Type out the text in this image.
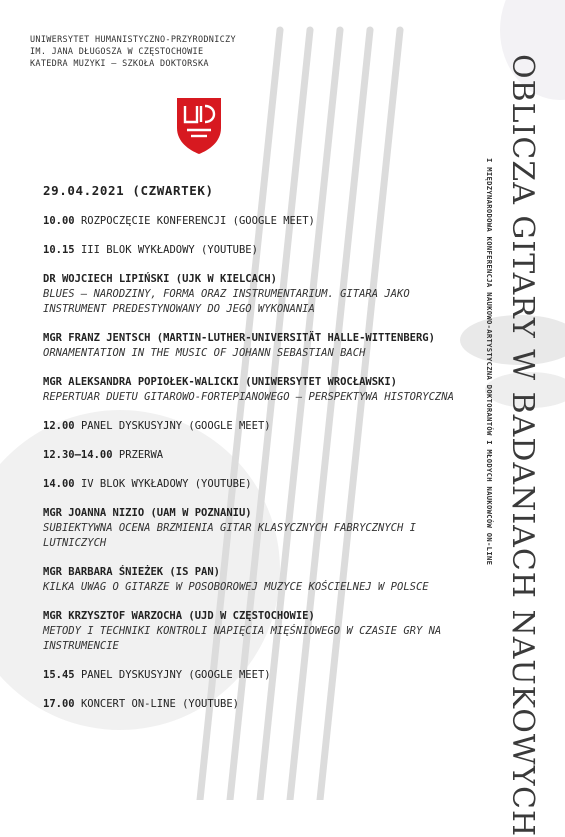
UNIWERSYTET HUMANISTYCZNO-PRZYRODNICZY
IM. JANA DŁUGOSZA W CZĘSTOCHOWIE
KATEDRA MUZYKI – SZKOŁA DOKTORSKA
29.04.2021 (CZWARTEK)
10.00 ROZPOCZĘCIE KONFERENCJI (GOOGLE MEET)
10.15 III BLOK WYKŁADOWY (YOUTUBE)
DR WOJCIECH LIPIŃSKI (UJK W KIELCACH)
BLUES – NARODZINY, FORMA ORAZ INSTRUMENTARIUM. GITARA JAKO INSTRUMENT PREDESTYNOWANY DO JEGO WYKONANIA
MGR FRANZ JENTSCH (MARTIN-LUTHER-UNIVERSITÄT HALLE-WITTENBERG)
ORNAMENTATION IN THE MUSIC OF JOHANN SEBASTIAN BACH
MGR ALEKSANDRA POPIOŁEK-WALICKI (UNIWERSYTET WROCŁAWSKI)
REPERTUAR DUETU GITAROWO-FORTEPIANOWEGO – PERSPEKTYWA HISTORYCZNA
12.00 PANEL DYSKUSYJNY (GOOGLE MEET)
12.30–14.00 PRZERWA
14.00 IV BLOK WYKŁADOWY (YOUTUBE)
MGR JOANNA NIZIO (UAM W POZNANIU)
SUBIEKTYWNA OCENA BRZMIENIA GITAR KLASYCZNYCH FABRYCZNYCH I LUTNICZYCH
MGR BARBARA ŚNIEŻEK (IS PAN)
KILKA UWAG O GITARZE W POSOBOROWEJ MUZYCE KOŚCIELNEJ W POLSCE
MGR KRZYSZTOF WARZOCHA (UJD W CZĘSTOCHOWIE)
METODY I TECHNIKI KONTROLI NAPIĘCIA MIĘŚNIOWEGO W CZASIE GRY NA INSTRUMENCIE
15.45 PANEL DYSKUSYJNY (GOOGLE MEET)
17.00 KONCERT ON-LINE (YOUTUBE)	OBLICZA GITARY W BADANIACH NAUKOWYCH
I MIĘDZYNARODOWA KONFERENCJA NAUKOWO-ARTYSTYCZNA DOKTORANTÓW I MŁODYCH NAUKOWCÓW ON-LINE
